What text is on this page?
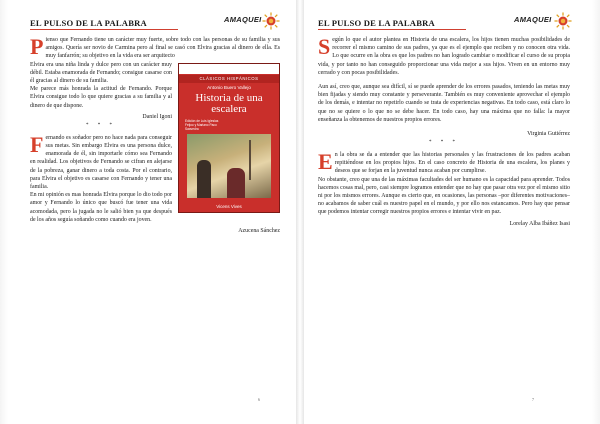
EL PULSO DE LA PALABRA	AMAQUEI

Pienso que Fernando tiene un carácter muy fuerte, sobre todo con las personas de su familia y sus amigos. Quería ser novio de Carmina pero al final se casó con Elvira gracias al dinero de ella. Es muy fanfarrón; su objetivo en la vida era ser arquitecto

CLÁSICOS HISPÁNICOS
Antonio Buero Vallejo
Historia de una escalera
Edición de Luis Iglesias Feijoo y Mariano Paco Saavedra
Vicens Vives

Elvira era una niña linda y dulce pero con un carácter muy débil. Estaba enamorada de Fernando; consigue casarse con él gracias al dinero de su familia.

Me parece más honrada la actitud de Fernando. Porque Elvira consigue todo lo que quiere gracias a su familia y al dinero de que dispone.

Daniel Igoni

* * *

Fernando es soñador pero no hace nada para conseguir sus metas. Sin embargo Elvira es una persona dulce, enamorada de él, sin importarle cómo sea Fernando en realidad. Los objetivos de Fernando se cifran en alejarse de la pobreza, ganar dinero a toda costa. Por el contrario, para Elvira el objetivo es casarse con Fernando y tener una familia.

En mi opinión es mas honrada Elvira porque lo dio todo por amor y Fernando lo único que buscó fue tener una vida acomodada, pero la jugada no le salió bien ya que después de los años seguía soñando como cuando era joven.

Azucena Sánchez

6
EL PULSO DE LA PALABRA	AMAQUEI

Según lo que el autor plantea en Historia de una escalera, los hijos tienen muchas posibilidades de recorrer el mismo camino de sus padres, ya que es el ejemplo que reciben y no conocen otra vida. Lo que ocurre en la obra es que los padres no han logrado cambiar o modificar el curso de su propia vida, y por tanto no han conseguido proporcionar una vida mejor a sus hijos. Viven en un entorno muy cerrado y con pocas posibilidades.

Aun así, creo que, aunque sea difícil, sí se puede aprender de los errores pasados, teniendo las metas muy bien fijadas y siendo muy constante y perseverante. También es muy conveniente aprovechar el ejemplo de los demás, e intentar no repetirlo cuando se trata de experiencias negativas. En todo caso, está claro lo que no se quiere o lo que no se debe hacer. En todo caso, hay una máxima que no falla: la mayor enseñanza la obtenemos de nuestros propios errores.

Virginia Gutiérrez

* * *

En la obra se da a entender que las historias personales y las frustraciones de los padres acaban repitiéndose en los propios hijos. En el caso concreto de Historia de una escalera, los planes y deseos que se forjan en la juventud nunca acaban por cumplirse.

No obstante, creo que una de las máximas facultades del ser humano es la capacidad para aprender. Todos hacemos cosas mal, pero, casi siempre logramos entender que no hay que pasar otra vez por el mismo sitio ni por los mismos errores. Aunque es cierto que, en ocasiones, las personas –por diferentes motivaciones– no acabamos de saber cuál es nuestro papel en el mundo, y por ello nos estancamos. Pero hay que pensar que podemos intentar corregir nuestros propios errores e intentar vivir en paz.

Lorelay Alba Ibáñez Isasi

7
